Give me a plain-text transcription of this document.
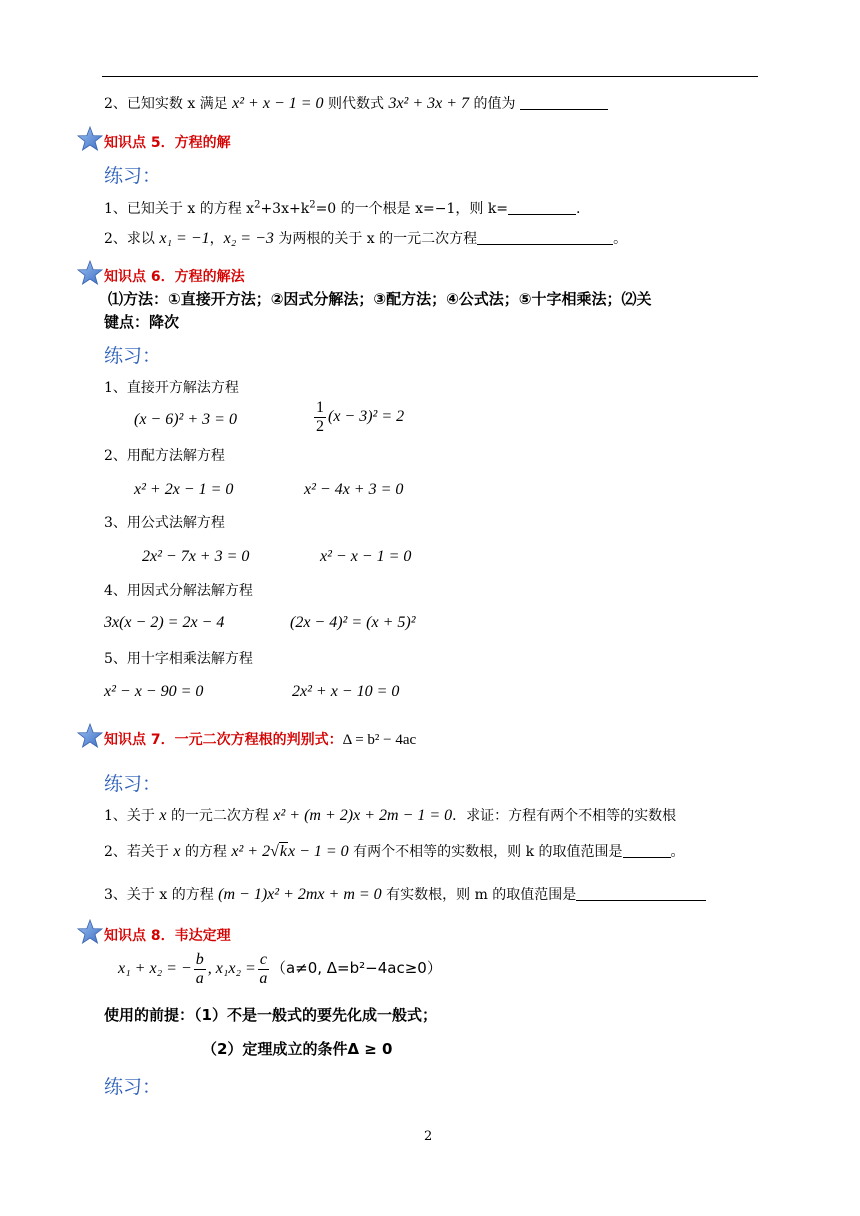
2、已知实数 x 满足 x² + x − 1 = 0 则代数式 3x² + 3x + 7 的值为
知识点 5．方程的解
练习：
1、已知关于 x 的方程 $x^2+3x+k^2=0$ 的一个根是 x=−1，则 k=	.
2、求以 x₁ = −1，x₂ = −3 为两根的关于 x 的一元二次方程	。
知识点 6．方程的解法
⑴方法：①直接开方法；②因式分解法；③配方法；④公式法；⑤十字相乘法；⑵关
键点：降次
练习：
1、直接开方解法方程
(x − 6)² + 3 = 0	$\frac{1}{2} (x - 3)^2 = 2$
2、用配方法解方程
x² + 2x − 1 = 0	x² − 4x + 3 = 0
3、用公式法解方程
2x² − 7x + 3 = 0	x² − x − 1 = 0
4、用因式分解法解方程
3x(x − 2) = 2x − 4	(2x − 4)² = (x + 5)²
5、用十字相乘法解方程
x² − x − 90 = 0	2x² + x − 10 = 0
知识点 7．一元二次方程根的判别式：Δ = b² − 4ac
练习：
1、关于 x 的一元二次方程 x² + (m + 2)x + 2m − 1 = 0．求证：方程有两个不相等的实数根
2、若关于 x 的方程 x² + 2√kx − 1 = 0 有两个不相等的实数根，则 k 的取值范围是	。
3、关于 x 的方程 (m − 1)x² + 2mx + m = 0 有实数根，则 m 的取值范围是
知识点 8．韦达定理
x₁ + x₂ = − $\frac{b}{a}$ , $x_1x_2 = \frac{c}{a} (a\ne 0$, Δ=b²−4ac≥0）
使用的前提：（1）不是一般式的要先化成一般式；
（2）定理成立的条件Δ ≥ 0
练习：
2
